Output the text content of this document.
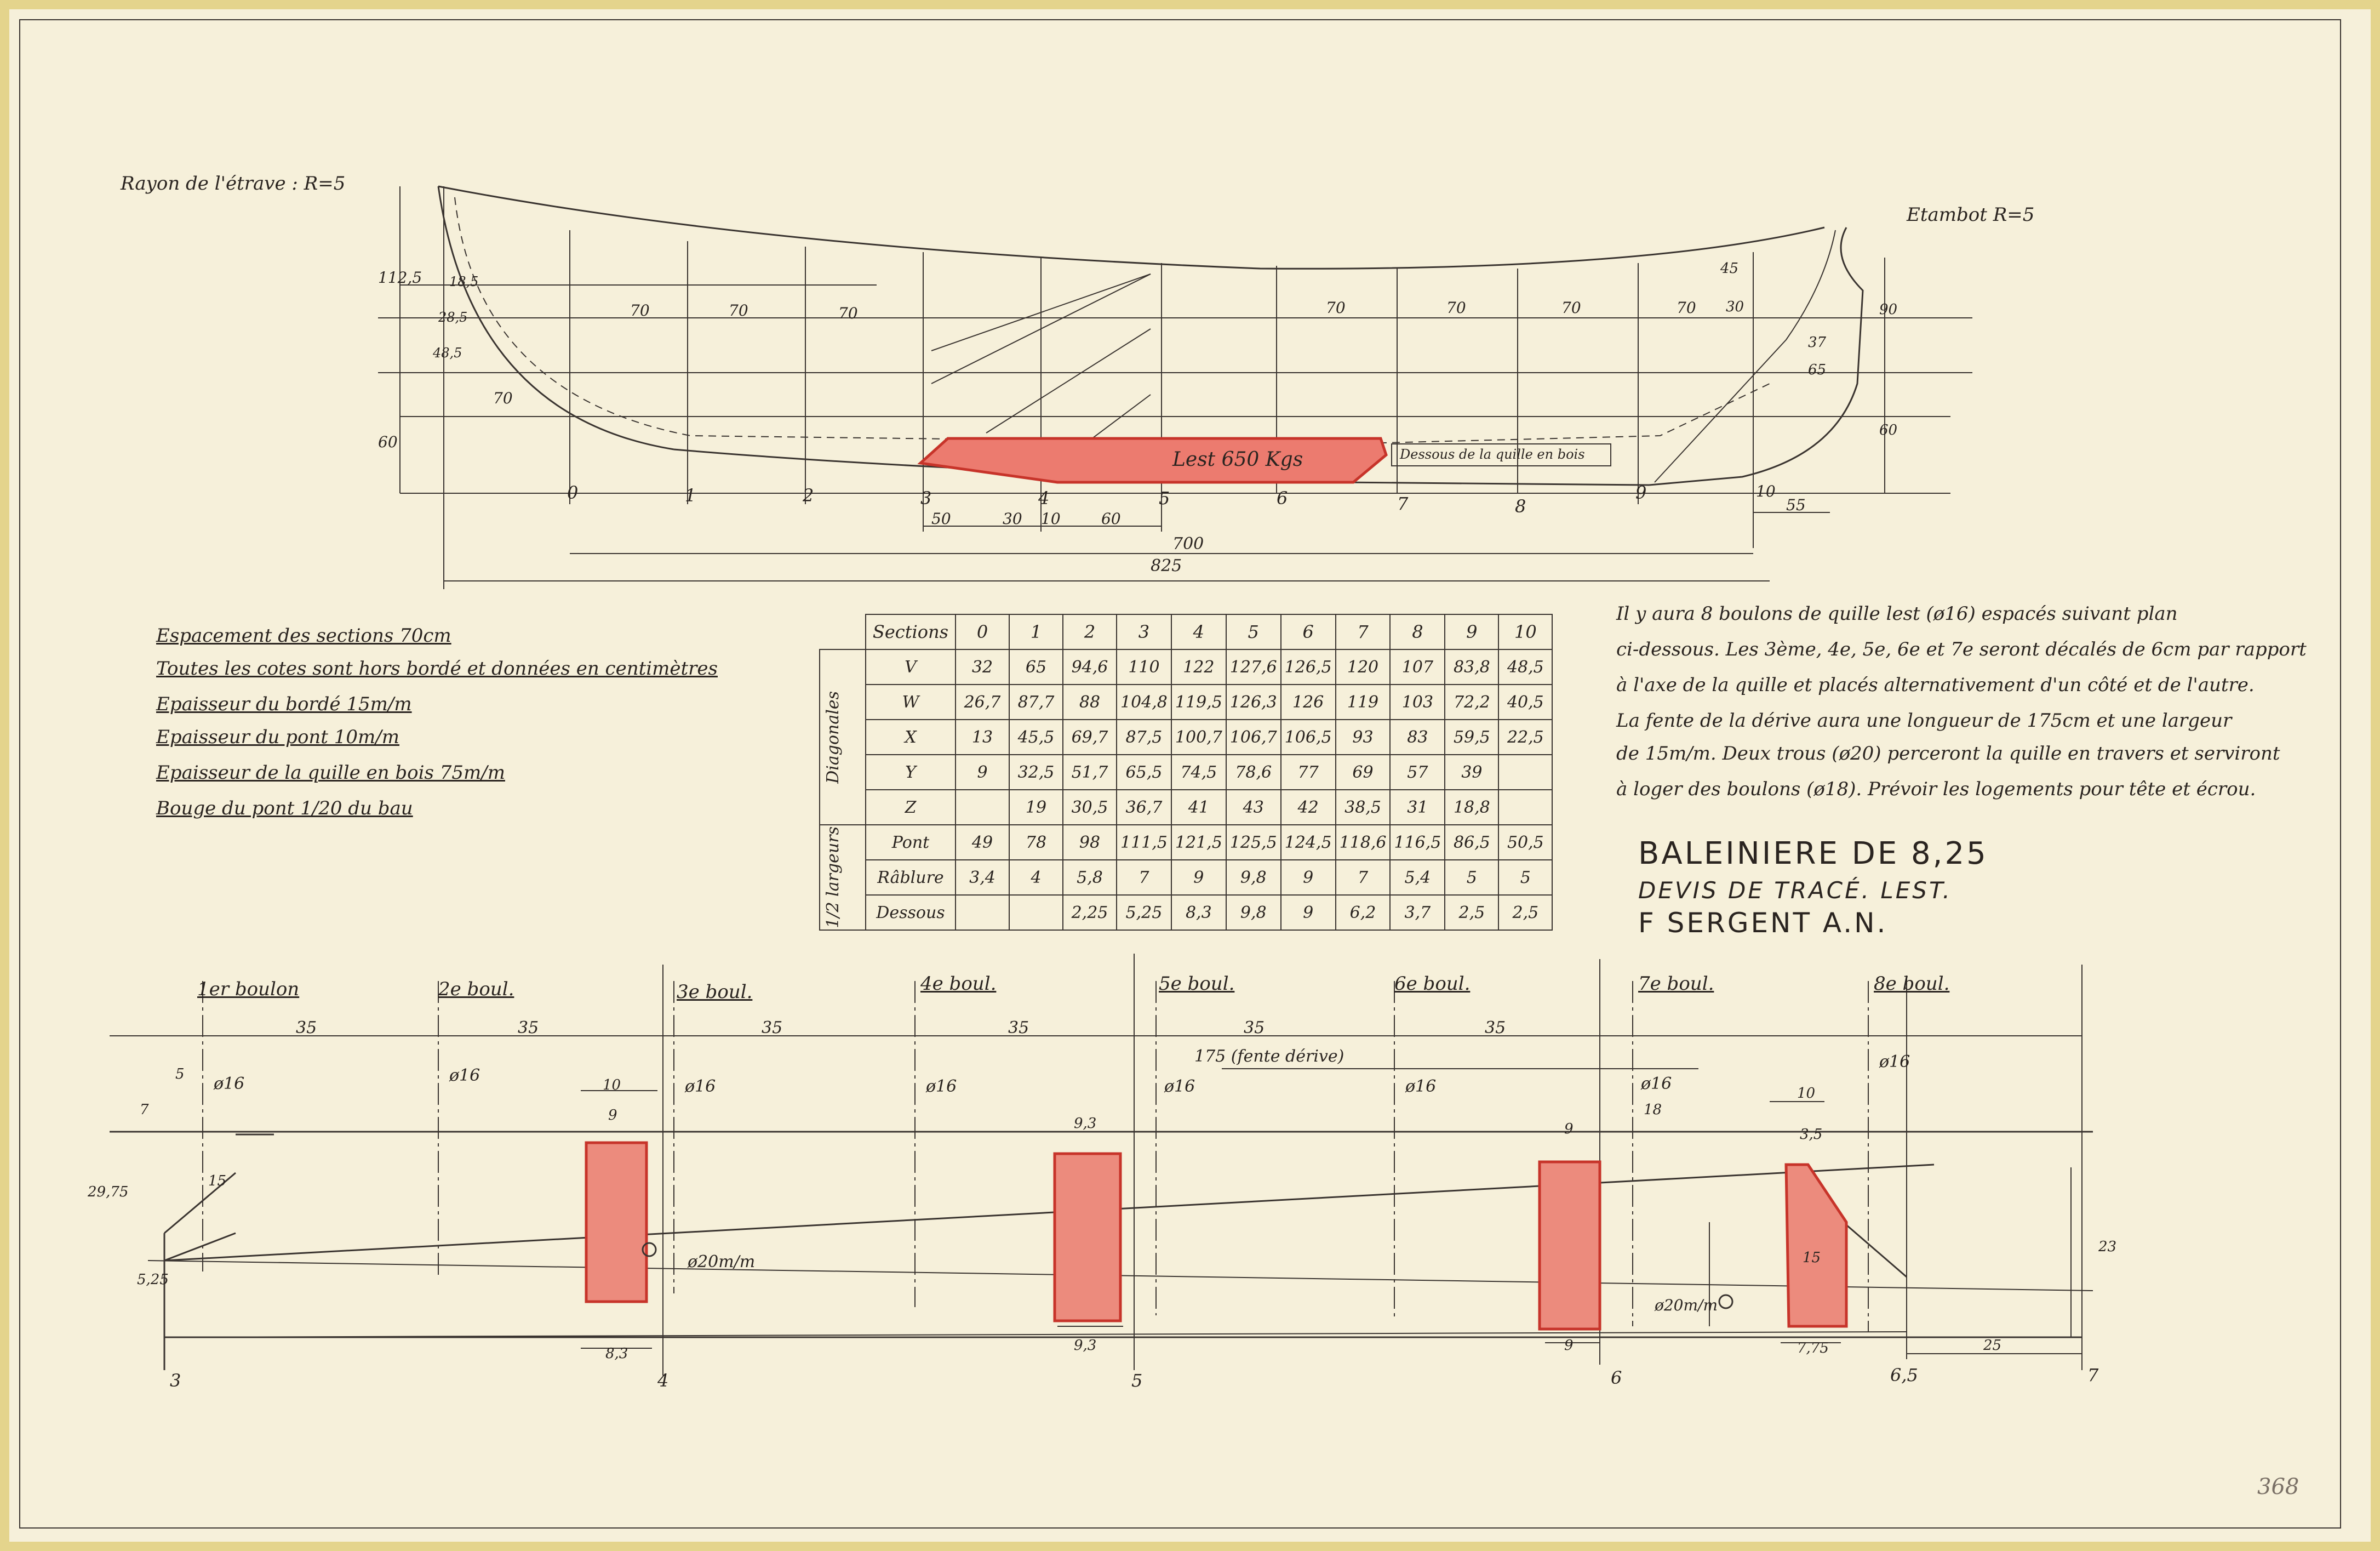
Rayon de l'étrave : R=5
Etambot R=5
Lest 650 Kgs	Dessous de la quille en bois
0	1	2	3	4	5	6	7	8
9	10
700
825
50	30 10	60
55
70	70	70	70	70	70	70
70
45
30
37
65
90
60
112,5
60
18,5
28,5
48,5
Espacement des sections 70cm
Toutes les cotes sont hors bordé et données en centimètres
Epaisseur du bordé 15m/m
Epaisseur du pont 10m/m
Epaisseur de la quille en bois 75m/m
Bouge du pont 1/20 du bau
	Sections	0	1	2	3	4	5	6	7	8	9	10

Diagonales	V	32	65	94,6	110	122	127,6	126,5	120	107	83,8	48,5
	W	26,7	87,7	88	104,8	119,5	126,3	126	119	103	72,2	40,5
	X	13	45,5	69,7	87,5	100,7	106,7	106,5	93	83	59,5	22,5
	Y	9	32,5	51,7	65,5	74,5	78,6	77	69	57	39	
	Z		19	30,5	36,7	41	43	42	38,5	31	18,8	

1/2 largeurs	Pont	49	78	98	111,5	121,5	125,5	124,5	118,6	116,5	86,5	50,5
	Râblure	3,4	4	5,8	7	9	9,8	9	7	5,4	5	5
	Dessous			2,25	5,25	8,3	9,8	9	6,2	3,7	2,5	2,5
Il y aura 8 boulons de quille lest (ø16) espacés suivant plan
ci-dessous. Les 3ème, 4e, 5e, 6e et 7e seront décalés de 6cm par rapport
à l'axe de la quille et placés alternativement d'un côté et de l'autre.
La fente de la dérive aura une longueur de 175cm et une largeur
de 15m/m. Deux trous (ø20) perceront la quille en travers et serviront
à loger des boulons (ø18). Prévoir les logements pour tête et écrou.
BALEINIERE DE 8,25
DEVIS DE TRACÉ. LEST.
F SERGENT A.N.
1er boulon	2e boul.	3e boul.	4e boul.	5e boul.	6e boul.	7e boul.	8e boul.
35	35	35	35	35	35
175 (fente dérive)
ø16	ø16
ø16	ø16	ø16	ø16	ø16
ø16
ø20m/m
ø20m/m
3	4	5	6	6,5	7
7
5
15
29,75
5,25
10
9
8,3
9,3
9,3
9
18
9
10
3,5
15
7,75
23
25
368
